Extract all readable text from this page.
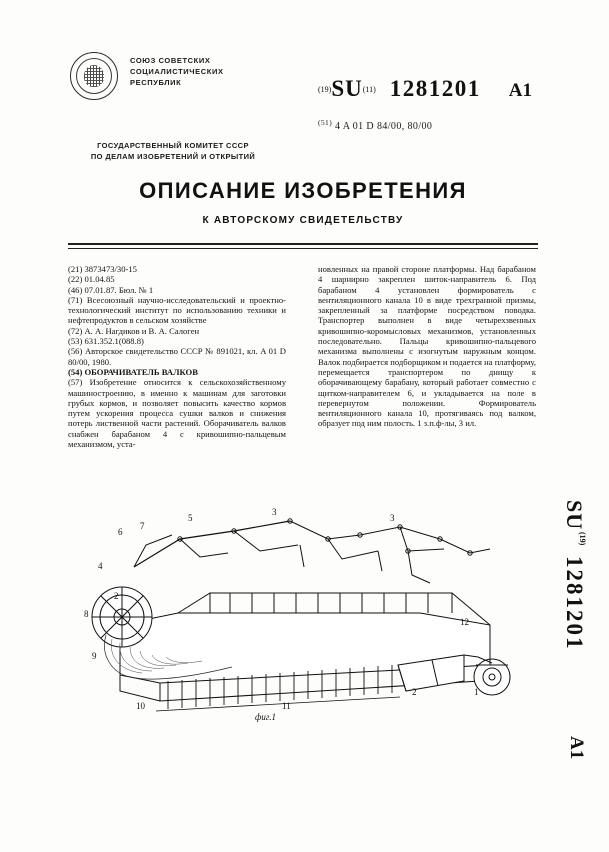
СОЮЗ СОВЕТСКИХ
СОЦИАЛИСТИЧЕСКИХ
РЕСПУБЛИК
ГОСУДАРСТВЕННЫЙ КОМИТЕТ СССР
ПО ДЕЛАМ ИЗОБРЕТЕНИЙ И ОТКРЫТИЙ
$^{(19)}$SU$^{(11)}$ 1281201 A1
$^{(51)}$ 4 A 01 D 84/00, 80/00
ОПИСАНИЕ ИЗОБРЕТЕНИЯ
К АВТОРСКОМУ СВИДЕТЕЛЬСТВУ

(21) 3873473/30-15

(22) 01.04.85

(46) 07.01.87. Бюл. № 1

(71) Всесоюзный научно-исследовательский и проектно-технологический институт по использованию техники и нефтепродуктов в сельском хозяйстве

(72) А. А. Нагдиков и В. А. Салоген

(53) 631.352.1(088.8)

(56) Авторское свидетельство СССР № 891021, кл. A 01 D 80/00, 1980.

(54) ОБОРАЧИВАТЕЛЬ ВАЛКОВ

(57) Изобретение относится к сельскохозяйственному машиностроению, в именно к машинам для заготовки грубых кормов, и позволяет повысить качество кормов путем ускорения процесса сушки валков и снижения потерь лиственной части растений. Оборачиватель валков снабжен барабаном 4 с кривошипно-пальцевым механизмом, уста-

новленных на правой стороне платформы. Над барабаном 4 шарнирно закреплен шиток-направитель 6. Под барабаном 4 установлен формирователь с вентиляционного канала 10 в виде трехгранной призмы, закрепленный за платформе посредством поводка. Транспортер выполнен в виде четырехзвенных кривошипно-коромысловых механизмов, установленных последовательно. Пальцы кривошипно-пальцевого механизма выполнены с изогнутым наружным концом. Валок подбирается подборщиком и подается на платформу, перемещается транспортером по днищу к оборачивающему барабану, который работает совместно с щитком-направителем 6, и укладывается на поле в перевернутом положении. Формирователь вентиляционного канала 10, протягиваясь под валком, образует под ним полость. 1 з.п.ф-лы, 3 ил.

(19)
SU
1281201
A1
6
7
5
3
3
4
2
8
9
10	11
12
2	1
фиг.1
